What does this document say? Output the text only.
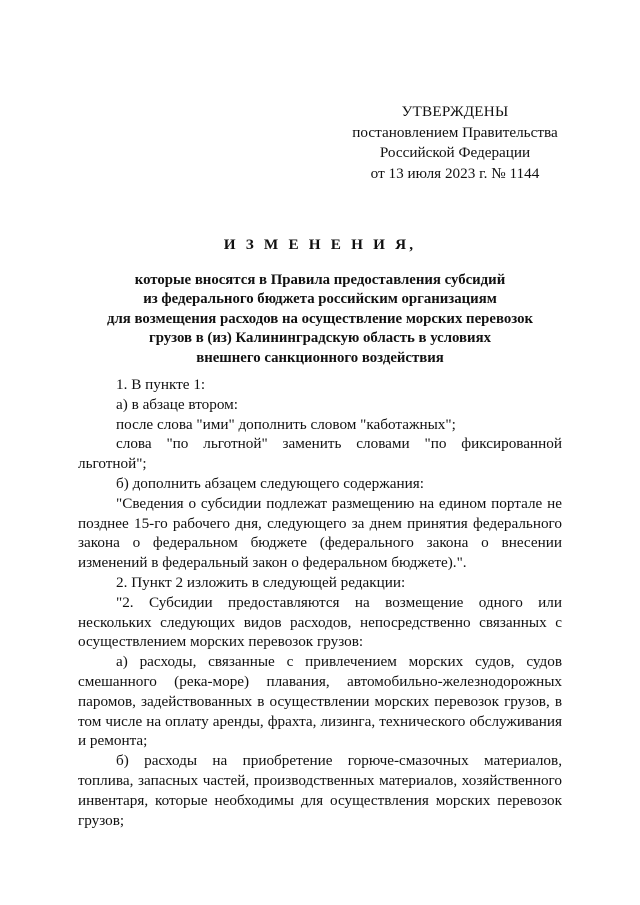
УТВЕРЖДЕНЫ
постановлением Правительства
Российской Федерации
от 13 июля 2023 г. № 1144
И З М Е Н Е Н И Я,
которые вносятся в Правила предоставления субсидий
из федерального бюджета российским организациям
для возмещения расходов на осуществление морских перевозок
грузов в (из) Калининградскую область в условиях
внешнего санкционного воздействия

1. В пункте 1:

а) в абзаце втором:

после слова "ими" дополнить словом "каботажных";

слова "по льготной" заменить словами "по фиксированной льготной";

б) дополнить абзацем следующего содержания:

"Сведения о субсидии подлежат размещению на едином портале не позднее 15-го рабочего дня, следующего за днем принятия федерального закона о федеральном бюджете (федерального закона о внесении изменений в федеральный закон о федеральном бюджете).".

2. Пункт 2 изложить в следующей редакции:

"2. Субсидии предоставляются на возмещение одного или нескольких следующих видов расходов, непосредственно связанных с осуществлением морских перевозок грузов:

а) расходы, связанные с привлечением морских судов, судов смешанного (река-море) плавания, автомобильно-железнодорожных паромов, задействованных в осуществлении морских перевозок грузов, в том числе на оплату аренды, фрахта, лизинга, технического обслуживания и ремонта;

б) расходы на приобретение горюче-смазочных материалов, топлива, запасных частей, производственных материалов, хозяйственного инвентаря, которые необходимы для осуществления морских перевозок грузов;
